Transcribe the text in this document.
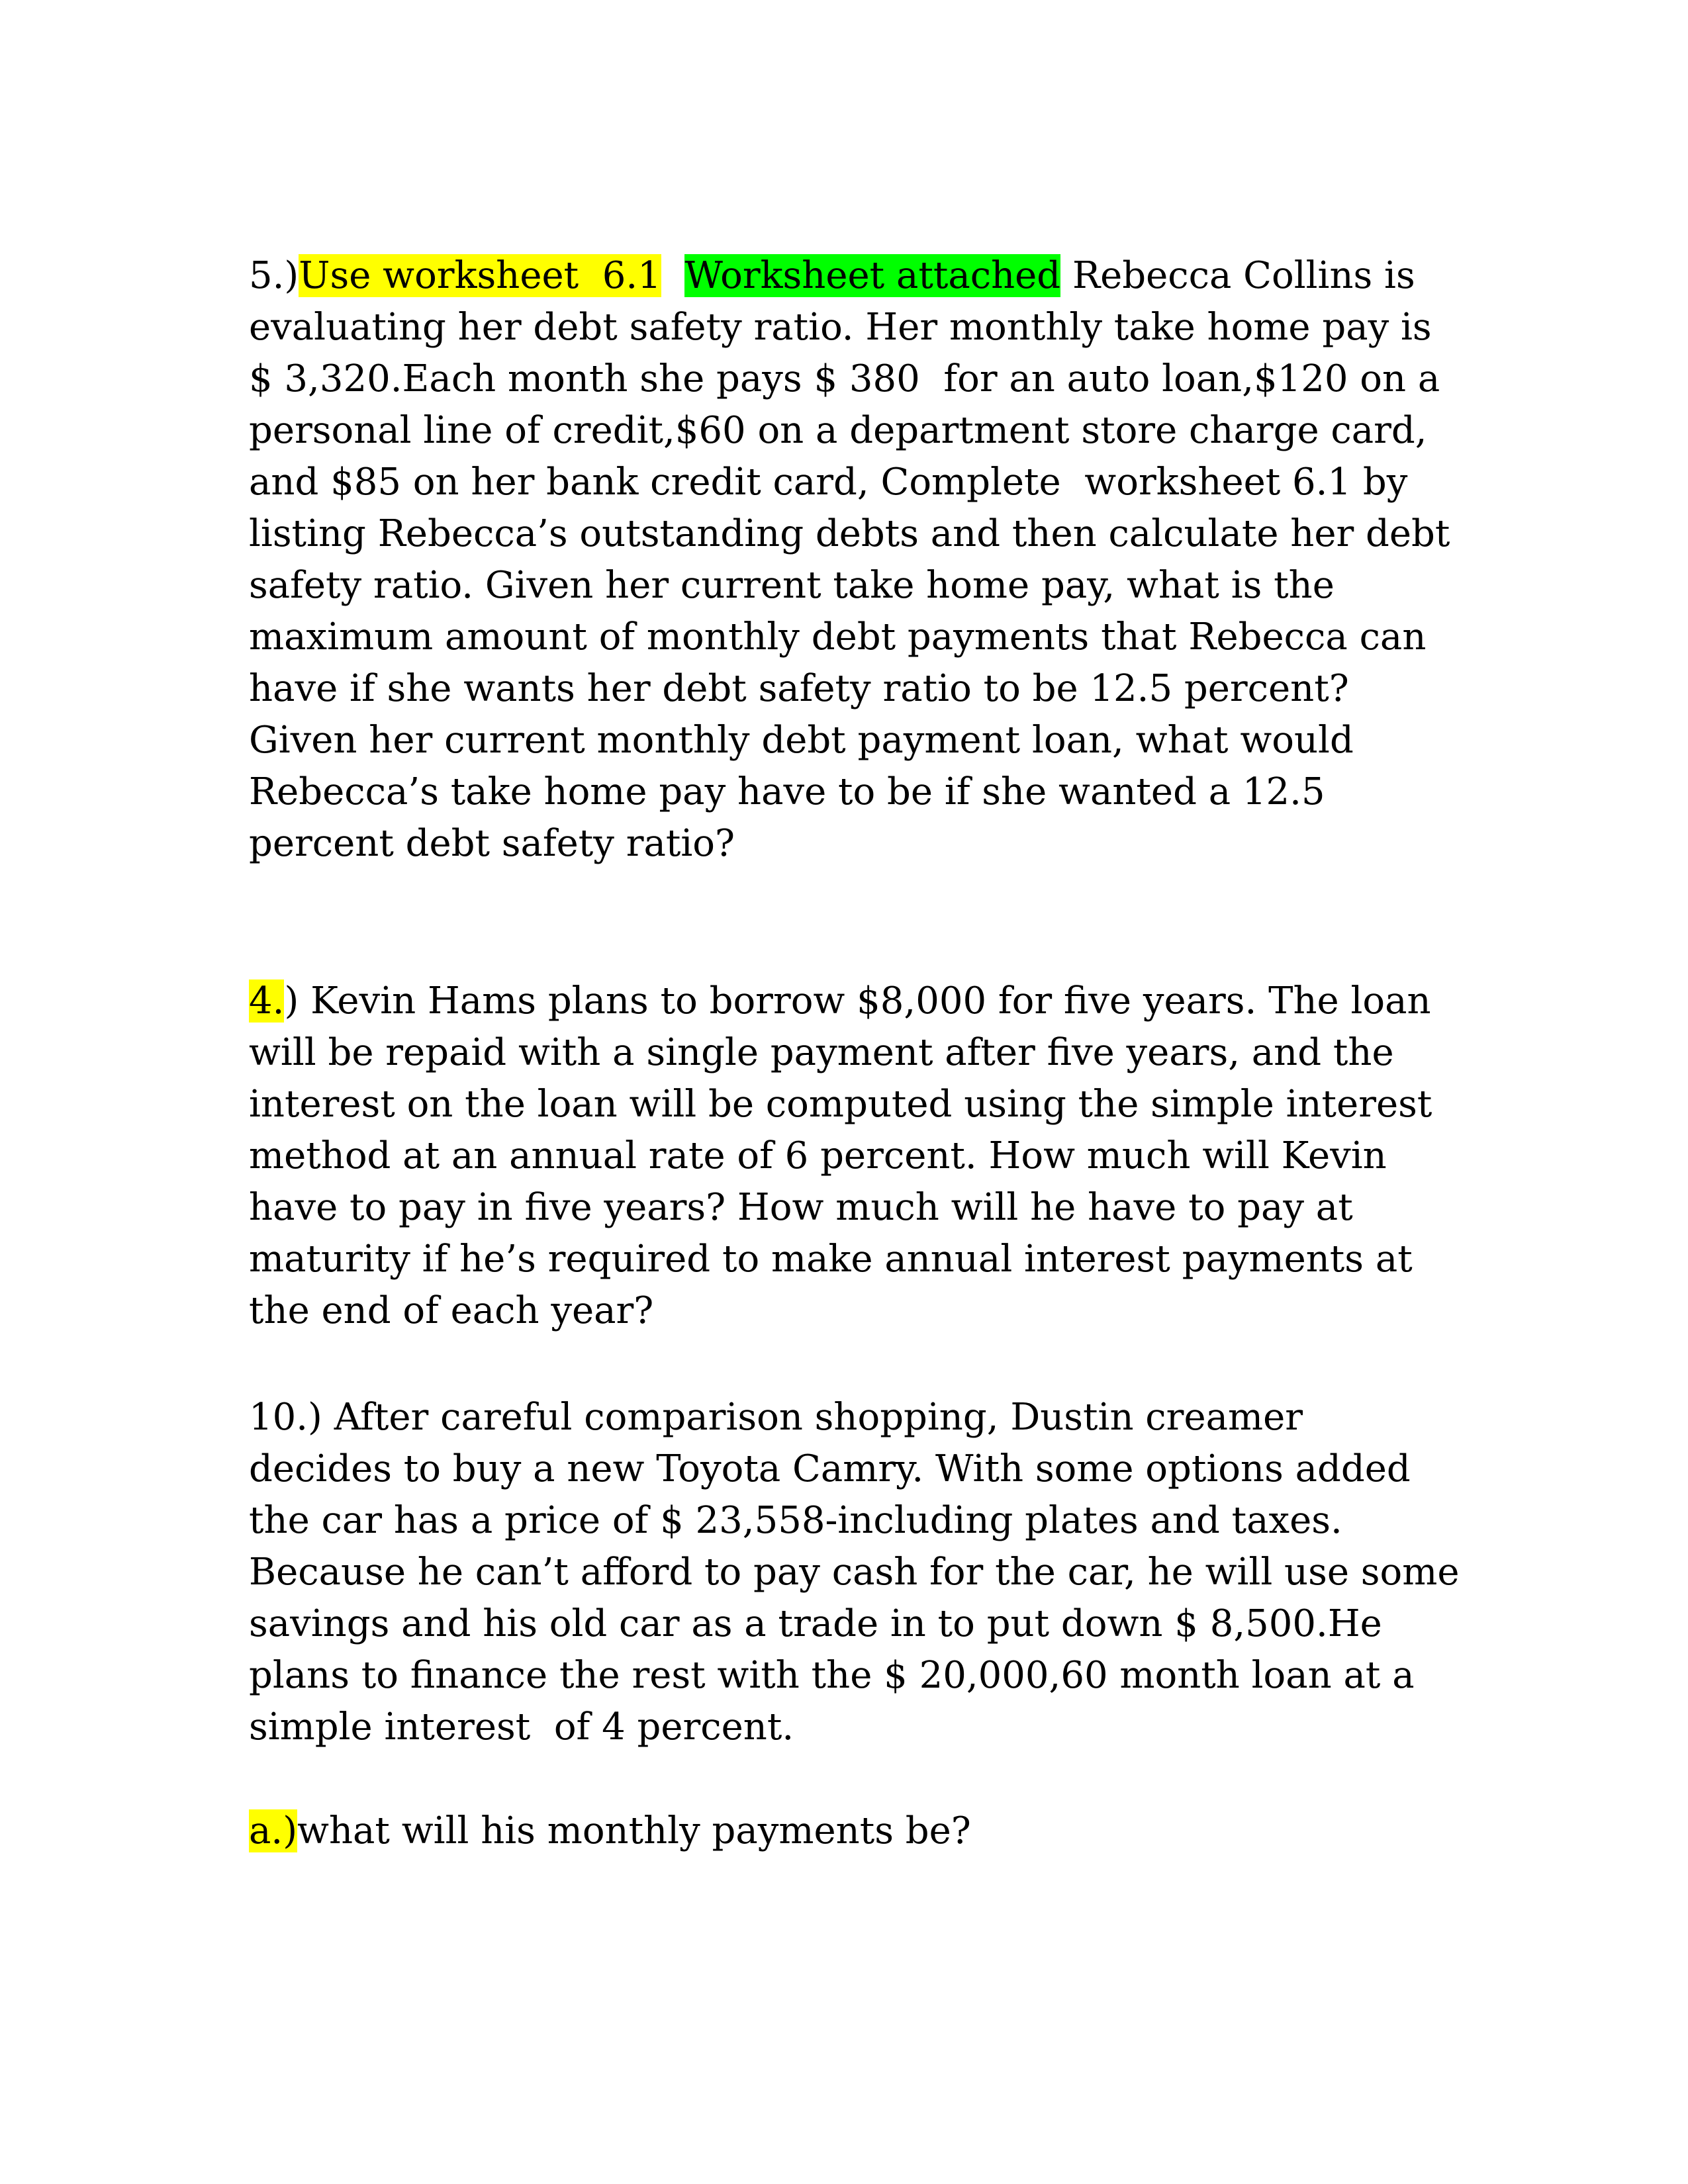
5.)Use worksheet  6.1 Worksheet attached Rebecca Collins is
evaluating her debt safety ratio. Her monthly take home pay is
$ 3,320.Each month she pays $ 380  for an auto loan,$120 on a
personal line of credit,$60 on a department store charge card,
and $85 on her bank credit card, Complete  worksheet 6.1 by
listing Rebecca’s outstanding debts and then calculate her debt
safety ratio. Given her current take home pay, what is the
maximum amount of monthly debt payments that Rebecca can
have if she wants her debt safety ratio to be 12.5 percent?
Given her current monthly debt payment loan, what would
Rebecca’s take home pay have to be if she wanted a 12.5
percent debt safety ratio?

4.) Kevin Hams plans to borrow $8,000 for five years. The loan
will be repaid with a single payment after five years, and the
interest on the loan will be computed using the simple interest
method at an annual rate of 6 percent. How much will Kevin
have to pay in five years? How much will he have to pay at
maturity if he’s required to make annual interest payments at
the end of each year?

10.) After careful comparison shopping, Dustin creamer
decides to buy a new Toyota Camry. With some options added
the car has a price of $ 23,558-including plates and taxes.
Because he can’t afford to pay cash for the car, he will use some
savings and his old car as a trade in to put down $ 8,500.He
plans to finance the rest with the $ 20,000,60 month loan at a
simple interest  of 4 percent.

a.)what will his monthly payments be?
